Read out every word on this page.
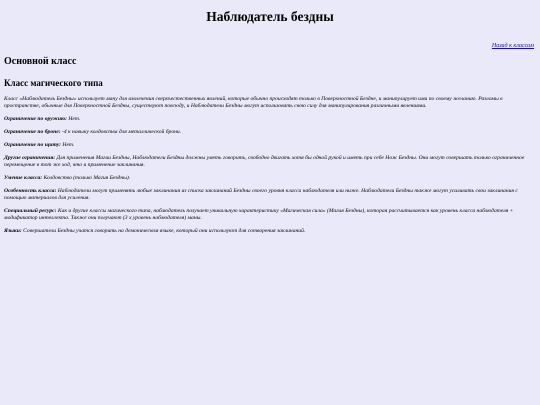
Наблюдатель бездны
Назад к классам
Основной класс
Класс магического типа

Класс «Наблюдатель Бездны» использует ману для извлечения сверхъестественных явлений, которые обычно происходят только в Поверхностной Бездне, и манипулирует ими по своему желанию. Разломы в пространстве, обычные для Поверхностной Бездны, существуют повсюду, и Наблюдатели Бездны могут использовать свою силу для манипулирования различными явлениями.

Ограничение по оружию: Нет.

Ограничение по броне: -4 к навыку колдовства для металлической брони.

Ограничение по щиту: Нет.

Другие ограничения: Для применения Магии Бездны, Наблюдатели Бездны должны уметь говорить, свободно двигать хотя бы одной рукой и иметь при себе Нож Бездны. Они могут совершать только ограниченное перемещение в тот же ход, что и применение заклинания.

Умение класса: Колдовство (только Магия Бездны).

Особенность класса: Наблюдатели могут применять любые заклинания из списка заклинаний Бездны своего уровня класса наблюдателя или ниже. Наблюдатели Бездны также могут усиливать свои заклинания с помощью материалов для усиления.

Специальный ресурс: Как и другие классы магического типа, наблюдатель получает уникальную характеристику «Магическая сила» (Магия Бездны), которая рассчитывается как уровень класса наблюдателя + модификатор интеллекта. Также они получают (3 x уровень наблюдателя) маны.

Языки: Совершатели Бездны учатся говорить на демоническом языке, который они используют для сотворения заклинаний.
